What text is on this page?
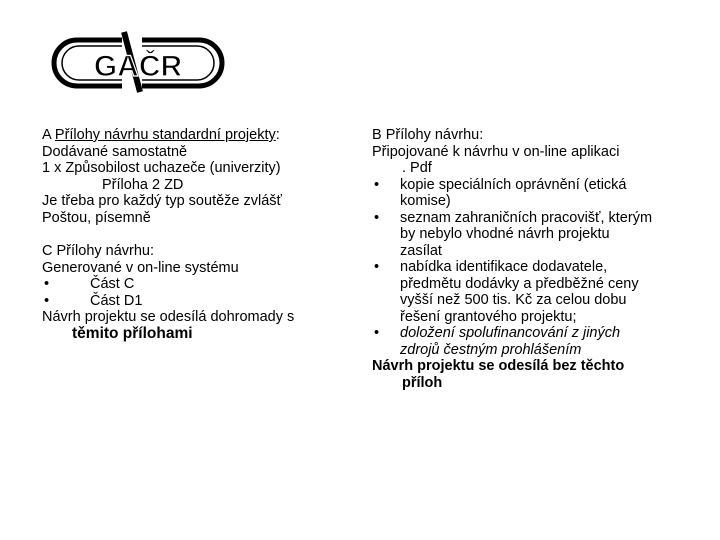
GAČR
A Přílohy návrhu standardní projekty:
Dodávané samostatně
1 x Způsobilost uchazeče (univerzity)
Příloha 2 ZD
Je třeba pro každý typ soutěže zvlášť
Poštou, písemně
C Přílohy návrhu:
Generované v on-line systému
•	Část C
•	Část D1
Návrh projektu se odesílá dohromady s
těmito přílohami
B Přílohy návrhu:
Připojované k návrhu v on-line aplikaci
. Pdf
•	kopie speciálních oprávnění (etická
komise)
•	seznam zahraničních pracovišť, kterým
by nebylo vhodné návrh projektu
zasílat
•	nabídka identifikace dodavatele,
předmětu dodávky a předběžné ceny
vyšší než 500 tis. Kč za celou dobu
řešení grantového projektu;
•	doložení spolufinancování z jiných
zdrojů čestným prohlášením
Návrh projektu se odesílá bez těchto
příloh
